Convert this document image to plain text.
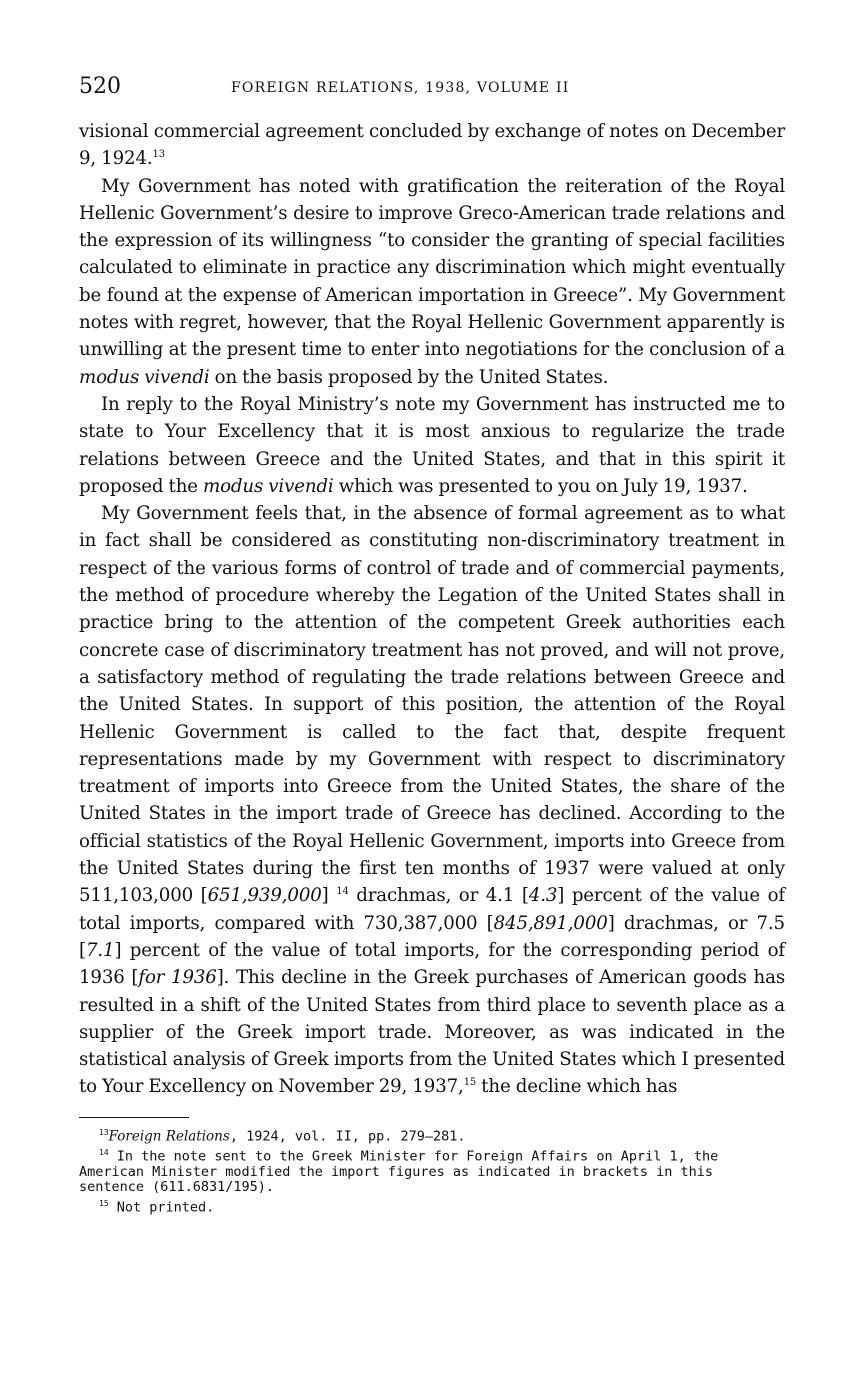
520	FOREIGN RELATIONS, 1938, VOLUME II

visional commercial agreement concluded by exchange of notes on December 9, 1924.13

My Government has noted with gratification the reiteration of the Royal Hellenic Government’s desire to improve Greco-American trade relations and the expression of its willingness “to consider the granting of special facilities calculated to eliminate in practice any discrimination which might eventually be found at the expense of American importation in Greece”. My Government notes with regret, however, that the Royal Hellenic Government apparently is unwilling at the present time to enter into negotiations for the conclusion of a modus vivendi on the basis proposed by the United States.

In reply to the Royal Ministry’s note my Government has instructed me to state to Your Excellency that it is most anxious to regularize the trade relations between Greece and the United States, and that in this spirit it proposed the modus vivendi which was presented to you on July 19, 1937.

My Government feels that, in the absence of formal agreement as to what in fact shall be considered as constituting non-discriminatory treatment in respect of the various forms of control of trade and of commercial payments, the method of procedure whereby the Legation of the United States shall in practice bring to the attention of the competent Greek authorities each concrete case of discriminatory treatment has not proved, and will not prove, a satisfactory method of regulating the trade relations between Greece and the United States. In support of this position, the attention of the Royal Hellenic Government is called to the fact that, despite frequent representations made by my Government with respect to discriminatory treatment of imports into Greece from the United States, the share of the United States in the import trade of Greece has declined. According to the official statistics of the Royal Hellenic Government, imports into Greece from the United States during the first ten months of 1937 were valued at only 511,103,000 [651,939,000] $^{14}$ drachmas, or 4.1 [4.3] percent of the value of total imports, compared with 730,387,000 [845,891,000] drachmas, or 7.5 [7.1] percent of the value of total imports, for the corresponding period of 1936 [for 1936]. This decline in the Greek purchases of American goods has resulted in a shift of the United States from third place to seventh place as a supplier of the Greek import trade. Moreover, as was indicated in the statistical analysis of Greek imports from the United States which I presented to Your Excellency on November 29, 1937,15 the decline which has

$^{13}$Foreign Relations, 1924, vol. II, pp. 279–281.

$^{14}$ In the note sent to the Greek Minister for Foreign Affairs on April 1, the American Minister modified the import figures as indicated in brackets in this sentence (611.6831/195).

$^{15}$ Not printed.
